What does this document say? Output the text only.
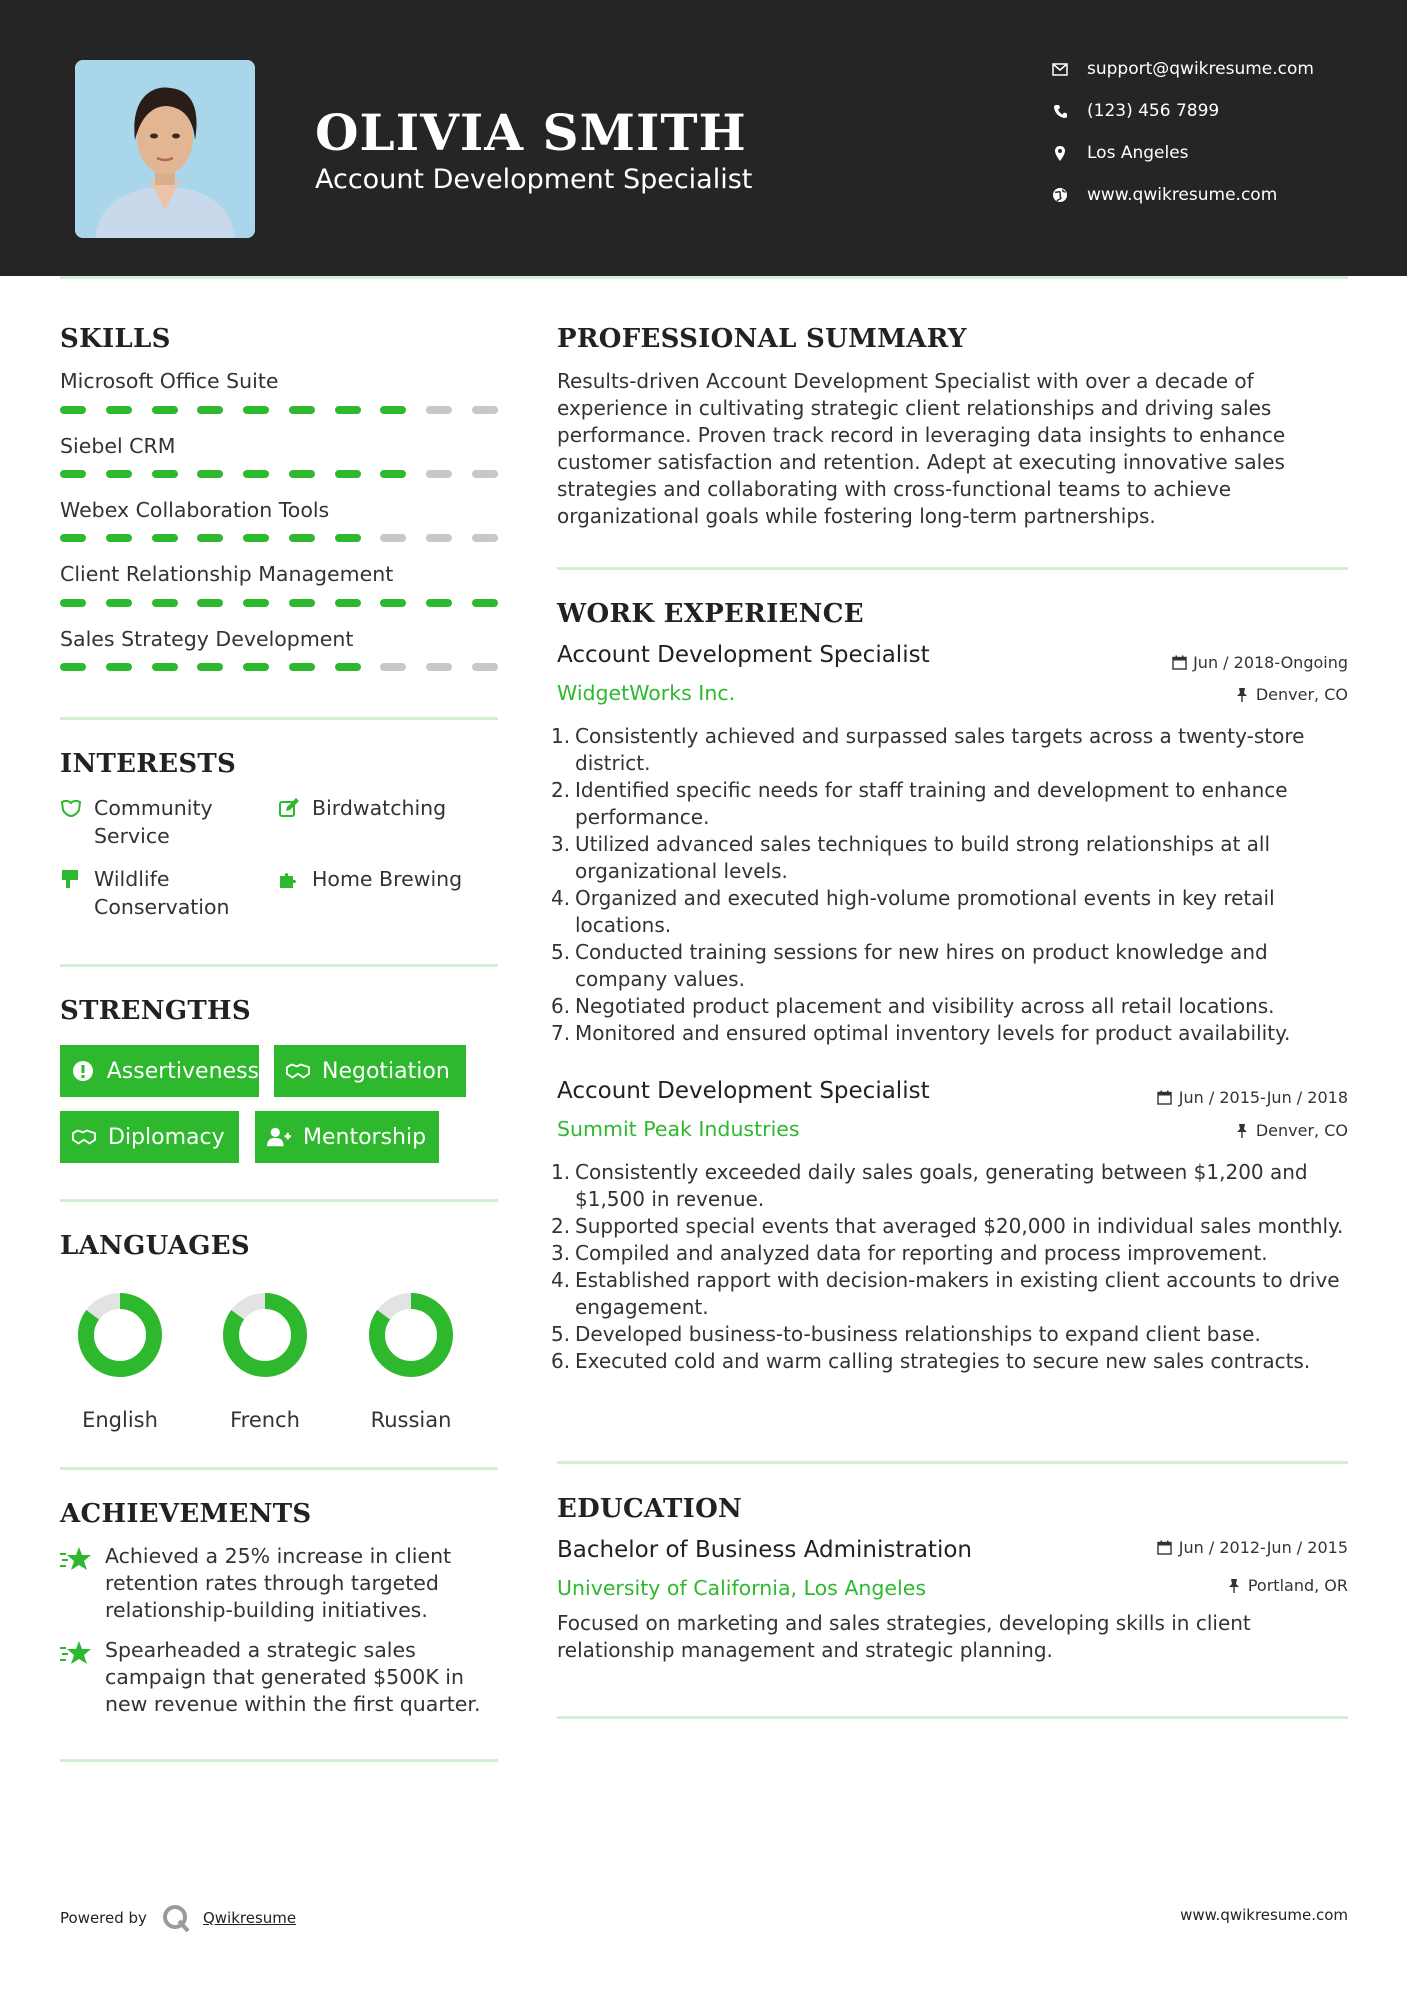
OLIVIA SMITH
Account Development Specialist
support@qwikresume.com
(123) 456 7899
Los Angeles
www.qwikresume.com
SKILLS
Microsoft Office Suite
Siebel CRM
Webex Collaboration Tools
Client Relationship Management
Sales Strategy Development
INTERESTS
Community Service
Birdwatching
Wildlife Conservation
Home Brewing
STRENGTHS
Assertiveness	Negotiation
Diplomacy	Mentorship
LANGUAGES
English	French	Russian
ACHIEVEMENTS
Achieved a 25% increase in client retention rates through targeted relationship-building initiatives.
Spearheaded a strategic sales campaign that generated $500K in new revenue within the first quarter.
PROFESSIONAL SUMMARY
Results-driven Account Development Specialist with over a decade of experience in cultivating strategic client relationships and driving sales performance. Proven track record in leveraging data insights to enhance customer satisfaction and retention. Adept at executing innovative sales strategies and collaborating with cross-functional teams to achieve organizational goals while fostering long-term partnerships.
WORK EXPERIENCE
Account Development Specialist	Jun / 2018-Ongoing
WidgetWorks Inc.	Denver, CO
1. Consistently achieved and surpassed sales targets across a twenty-store district.
2. Identified specific needs for staff training and development to enhance performance.
3. Utilized advanced sales techniques to build strong relationships at all organizational levels.
4. Organized and executed high-volume promotional events in key retail locations.
5. Conducted training sessions for new hires on product knowledge and company values.
6. Negotiated product placement and visibility across all retail locations.
7. Monitored and ensured optimal inventory levels for product availability.
Account Development Specialist	Jun / 2015-Jun / 2018
Summit Peak Industries	Denver, CO
1. Consistently exceeded daily sales goals, generating between $1,200 and $1,500 in revenue.
2. Supported special events that averaged $20,000 in individual sales monthly.
3. Compiled and analyzed data for reporting and process improvement.
4. Established rapport with decision-makers in existing client accounts to drive engagement.
5. Developed business-to-business relationships to expand client base.
6. Executed cold and warm calling strategies to secure new sales contracts.
EDUCATION
Bachelor of Business Administration	Jun / 2012-Jun / 2015
University of California, Los Angeles	Portland, OR
Focused on marketing and sales strategies, developing skills in client relationship management and strategic planning.
Powered by	Qwikresume	www.qwikresume.com
